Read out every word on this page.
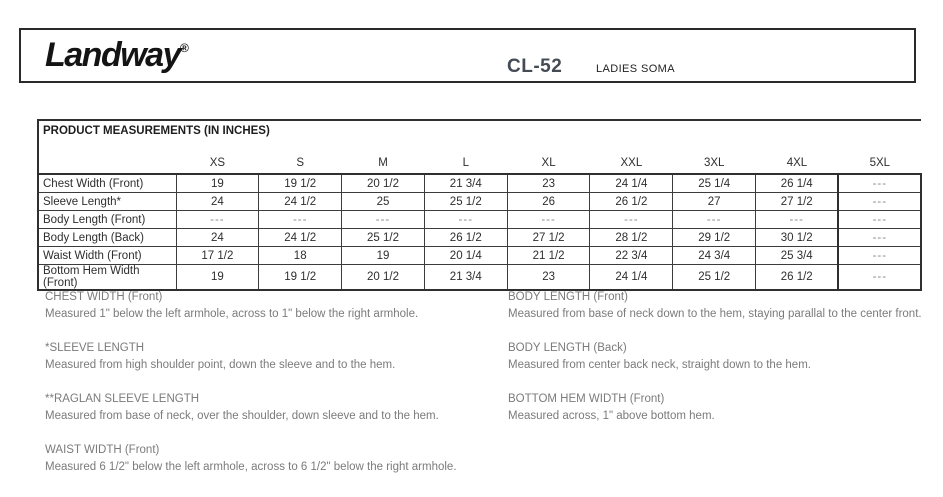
Landway®
CL-52	LADIES SOMA
PRODUCT MEASUREMENTS (IN INCHES)									
	XS	S	M	L	XL	XXL	3XL	4XL	5XL
Chest Width (Front)	19	19 1/2	20 1/2	21 3/4	23	24 1/4	25 1/4	26 1/4	---
Sleeve Length*	24	24 1/2	25	25 1/2	26	26 1/2	27	27 1/2	---
Body Length (Front)	---	---	---	---	---	---	---	---	---
Body Length (Back)	24	24 1/2	25 1/2	26 1/2	27 1/2	28 1/2	29 1/2	30 1/2	---
Waist Width (Front)	17 1/2	18	19	20 1/4	21 1/2	22 3/4	24 3/4	25 3/4	---
Bottom Hem Width (Front)	19	19 1/2	20 1/2	21 3/4	23	24 1/4	25 1/2	26 1/2	---
CHEST WIDTH (Front)
Measured 1" below the left armhole, across to 1" below the right armhole.
*SLEEVE LENGTH
Measured from high shoulder point, down the sleeve and to the hem.
**RAGLAN SLEEVE LENGTH
Measured from base of neck, over the shoulder, down sleeve and to the hem.
WAIST WIDTH (Front)
Measured 6 1/2" below the left armhole, across to 6 1/2" below the right armhole.
BODY LENGTH (Front)
Measured from base of neck down to the hem, staying parallal to the center front.
BODY LENGTH (Back)
Measured from center back neck, straight down to the hem.
BOTTOM HEM WIDTH (Front)
Measured across, 1" above bottom hem.
